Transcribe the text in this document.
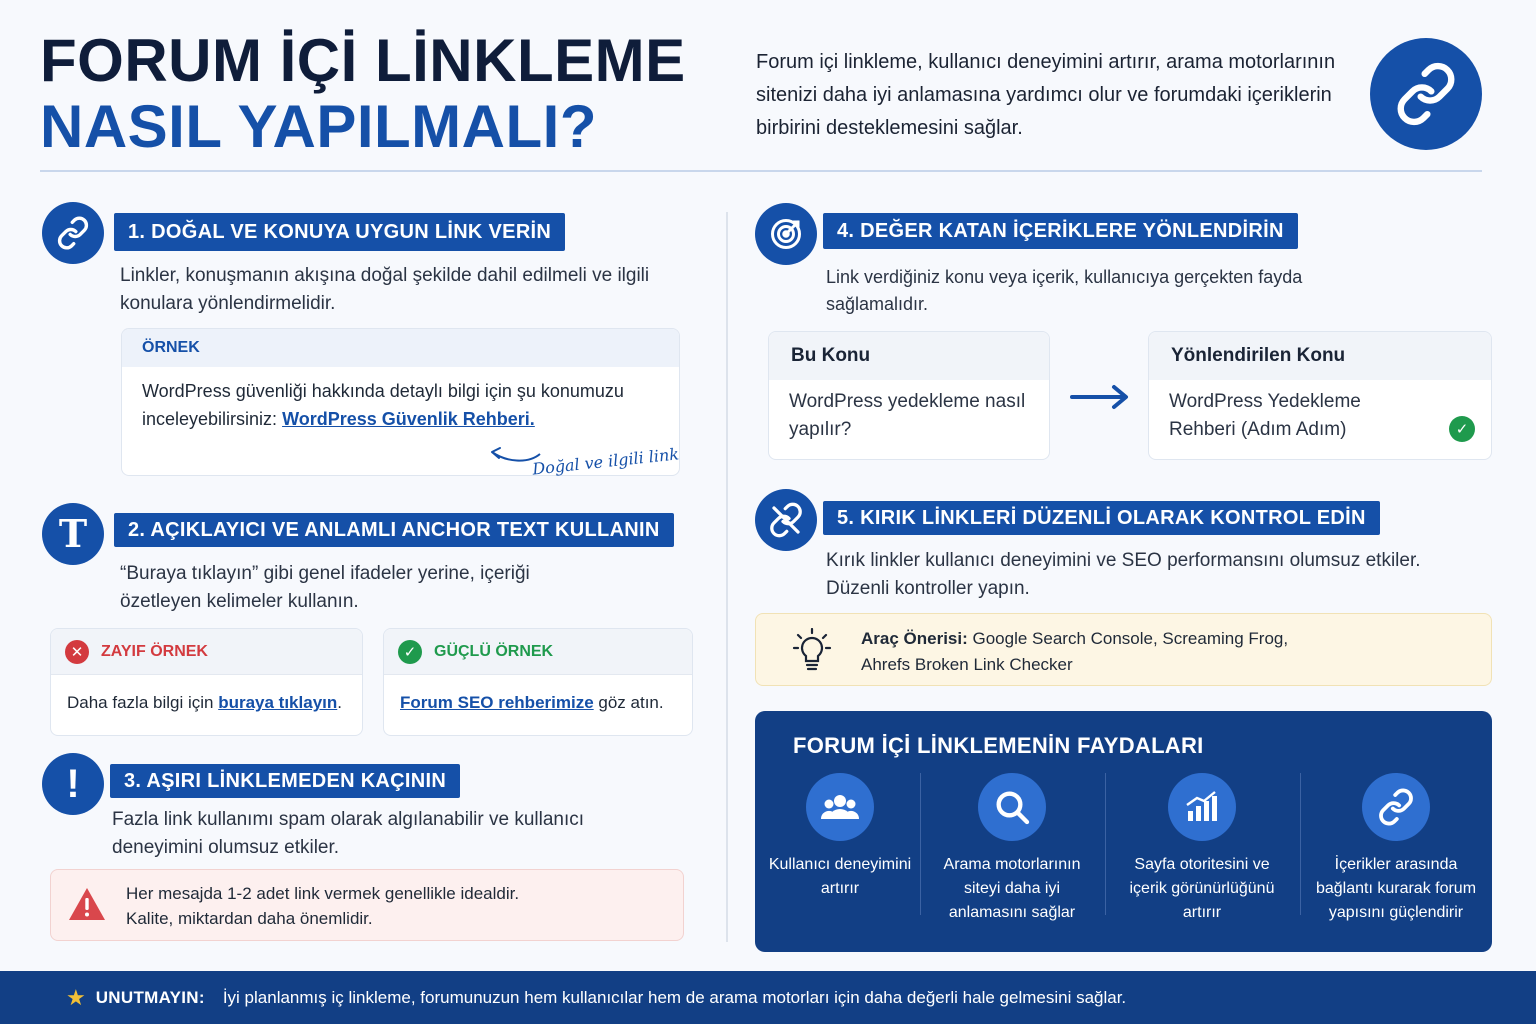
FORUM İÇİ LİNKLEME
NASIL YAPILMALI?
Forum içi linkleme, kullanıcı deneyimini artırır, arama motorlarının sitenizi daha iyi anlamasına yardımcı olur ve forumdaki içeriklerin birbirini desteklemesini sağlar.
1. DOĞAL VE KONUYA UYGUN LİNK VERİN
Linkler, konuşmanın akışına doğal şekilde dahil edilmeli ve ilgili konulara yönlendirmelidir.
ÖRNEK
WordPress güvenliği hakkında detaylı bilgi için şu konumuzu inceleyebilirsiniz: WordPress Güvenlik Rehberi.
Doğal ve ilgili link
T	2. AÇIKLAYICI VE ANLAMLI ANCHOR TEXT KULLANIN
“Buraya tıklayın” gibi genel ifadeler yerine, içeriği özetleyen kelimeler kullanın.
✕	ZAYIF ÖRNEK
Daha fazla bilgi için buraya tıklayın.
✓	GÜÇLÜ ÖRNEK
Forum SEO rehberimize göz atın.
!	3. AŞIRI LİNKLEMEDEN KAÇININ
Fazla link kullanımı spam olarak algılanabilir ve kullanıcı deneyimini olumsuz etkiler.
Her mesajda 1-2 adet link vermek genellikle idealdir.
Kalite, miktardan daha önemlidir.
4. DEĞER KATAN İÇERİKLERE YÖNLENDİRİN
Link verdiğiniz konu veya içerik, kullanıcıya gerçekten fayda sağlamalıdır.
Bu Konu
WordPress yedekleme nasıl yapılır?
Yönlendirilen Konu
WordPress Yedekleme Rehberi (Adım Adım)	✓
5. KIRIK LİNKLERİ DÜZENLİ OLARAK KONTROL EDİN
Kırık linkler kullanıcı deneyimini ve SEO performansını olumsuz etkiler. Düzenli kontroller yapın.
Araç Önerisi: Google Search Console, Screaming Frog,
Ahrefs Broken Link Checker
FORUM İÇİ LİNKLEMENİN FAYDALARI
Kullanıcı deneyimini artırır
Arama motorlarının siteyi daha iyi anlamasını sağlar
Sayfa otoritesini ve içerik görünürlüğünü artırır
İçerikler arasında bağlantı kurarak forum yapısını güçlendirir
★ UNUTMAYIN: İyi planlanmış iç linkleme, forumunuzun hem kullanıcılar hem de arama motorları için daha değerli hale gelmesini sağlar.
